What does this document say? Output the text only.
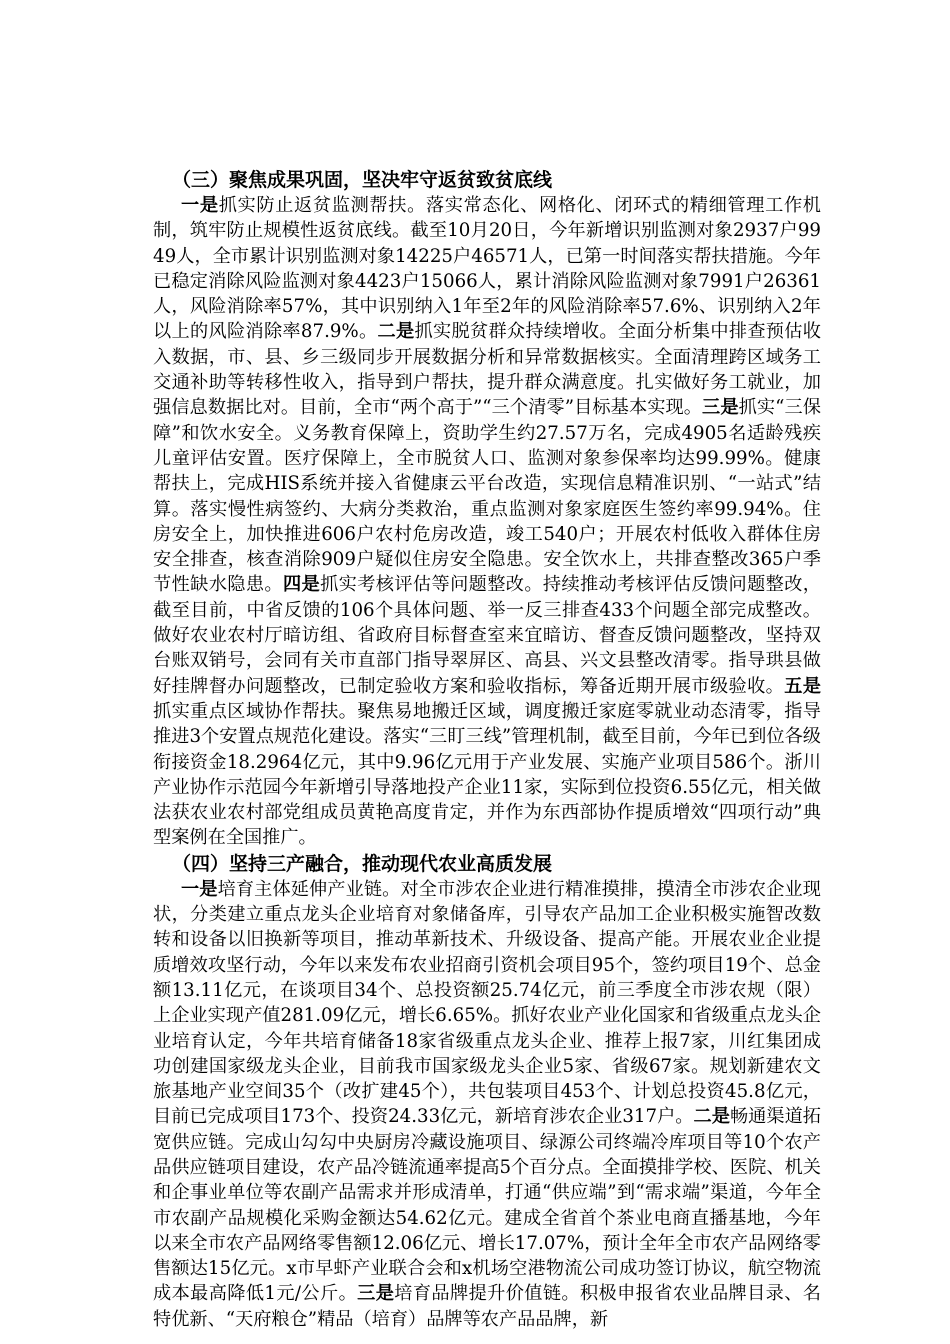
（三）聚焦成果巩固，坚决牢守返贫致贫底线

一是抓实防止返贫监测帮扶。落实常态化、网格化、闭环式的精细管理工作机制，筑牢防止规模性返贫底线。截至10月20日，今年新增识别监测对象2937户9949人，全市累计识别监测对象14225户46571人，已第一时间落实帮扶措施。今年已稳定消除风险监测对象4423户15066人，累计消除风险监测对象7991户26361人，风险消除率57%，其中识别纳入1年至2年的风险消除率57.6%、识别纳入2年以上的风险消除率87.9%。二是抓实脱贫群众持续增收。全面分析集中排查预估收入数据，市、县、乡三级同步开展数据分析和异常数据核实。全面清理跨区域务工交通补助等转移性收入，指导到户帮扶，提升群众满意度。扎实做好务工就业，加强信息数据比对。目前，全市“两个高于”“三个清零”目标基本实现。三是抓实“三保障”和饮水安全。义务教育保障上，资助学生约27.57万名，完成4905名适龄残疾儿童评估安置。医疗保障上，全市脱贫人口、监测对象参保率均达99.99%。健康帮扶上，完成HIS系统并接入省健康云平台改造，实现信息精准识别、“一站式”结算。落实慢性病签约、大病分类救治，重点监测对象家庭医生签约率99.94%。住房安全上，加快推进606户农村危房改造，竣工540户；开展农村低收入群体住房安全排查，核查消除909户疑似住房安全隐患。安全饮水上，共排查整改365户季节性缺水隐患。四是抓实考核评估等问题整改。持续推动考核评估反馈问题整改，截至目前，中省反馈的106个具体问题、举一反三排查433个问题全部完成整改。做好农业农村厅暗访组、省政府目标督查室来宜暗访、督查反馈问题整改，坚持双台账双销号，会同有关市直部门指导翠屏区、高县、兴文县整改清零。指导珙县做好挂牌督办问题整改，已制定验收方案和验收指标，筹备近期开展市级验收。五是抓实重点区域协作帮扶。聚焦易地搬迁区域，调度搬迁家庭零就业动态清零，指导推进3个安置点规范化建设。落实“三盯三线”管理机制，截至目前，今年已到位各级衔接资金18.2964亿元，其中9.96亿元用于产业发展、实施产业项目586个。浙川产业协作示范园今年新增引导落地投产企业11家，实际到位投资6.55亿元，相关做法获农业农村部党组成员黄艳高度肯定，并作为东西部协作提质增效“四项行动”典型案例在全国推广。

（四）坚持三产融合，推动现代农业高质发展

一是培育主体延伸产业链。对全市涉农企业进行精准摸排，摸清全市涉农企业现状，分类建立重点龙头企业培育对象储备库，引导农产品加工企业积极实施智改数转和设备以旧换新等项目，推动革新技术、升级设备、提高产能。开展农业企业提质增效攻坚行动，今年以来发布农业招商引资机会项目95个，签约项目19个、总金额13.11亿元，在谈项目34个、总投资额25.74亿元，前三季度全市涉农规（限）上企业实现产值281.09亿元，增长6.65%。抓好农业产业化国家和省级重点龙头企业培育认定，今年共培育储备18家省级重点龙头企业、推荐上报7家，川红集团成功创建国家级龙头企业，目前我市国家级龙头企业5家、省级67家。规划新建农文旅基地产业空间35个（改扩建45个），共包装项目453个、计划总投资45.8亿元，目前已完成项目173个、投资24.33亿元，新培育涉农企业317户。二是畅通渠道拓宽供应链。完成山勾勾中央厨房冷藏设施项目、绿源公司终端冷库项目等10个农产品供应链项目建设，农产品冷链流通率提高5个百分点。全面摸排学校、医院、机关和企事业单位等农副产品需求并形成清单，打通“供应端”到“需求端”渠道，今年全市农副产品规模化采购金额达54.62亿元。建成全省首个茶业电商直播基地，今年以来全市农产品网络零售额12.06亿元、增长17.07%，预计全年全市农产品网络零售额达15亿元。x市早虾产业联合会和x机场空港物流公司成功签订协议，航空物流成本最高降低1元/公斤。三是培育品牌提升价值链。积极申报省农业品牌目录、名特优新、“天府粮仓”精品（培育）品牌等农产品品牌，新
